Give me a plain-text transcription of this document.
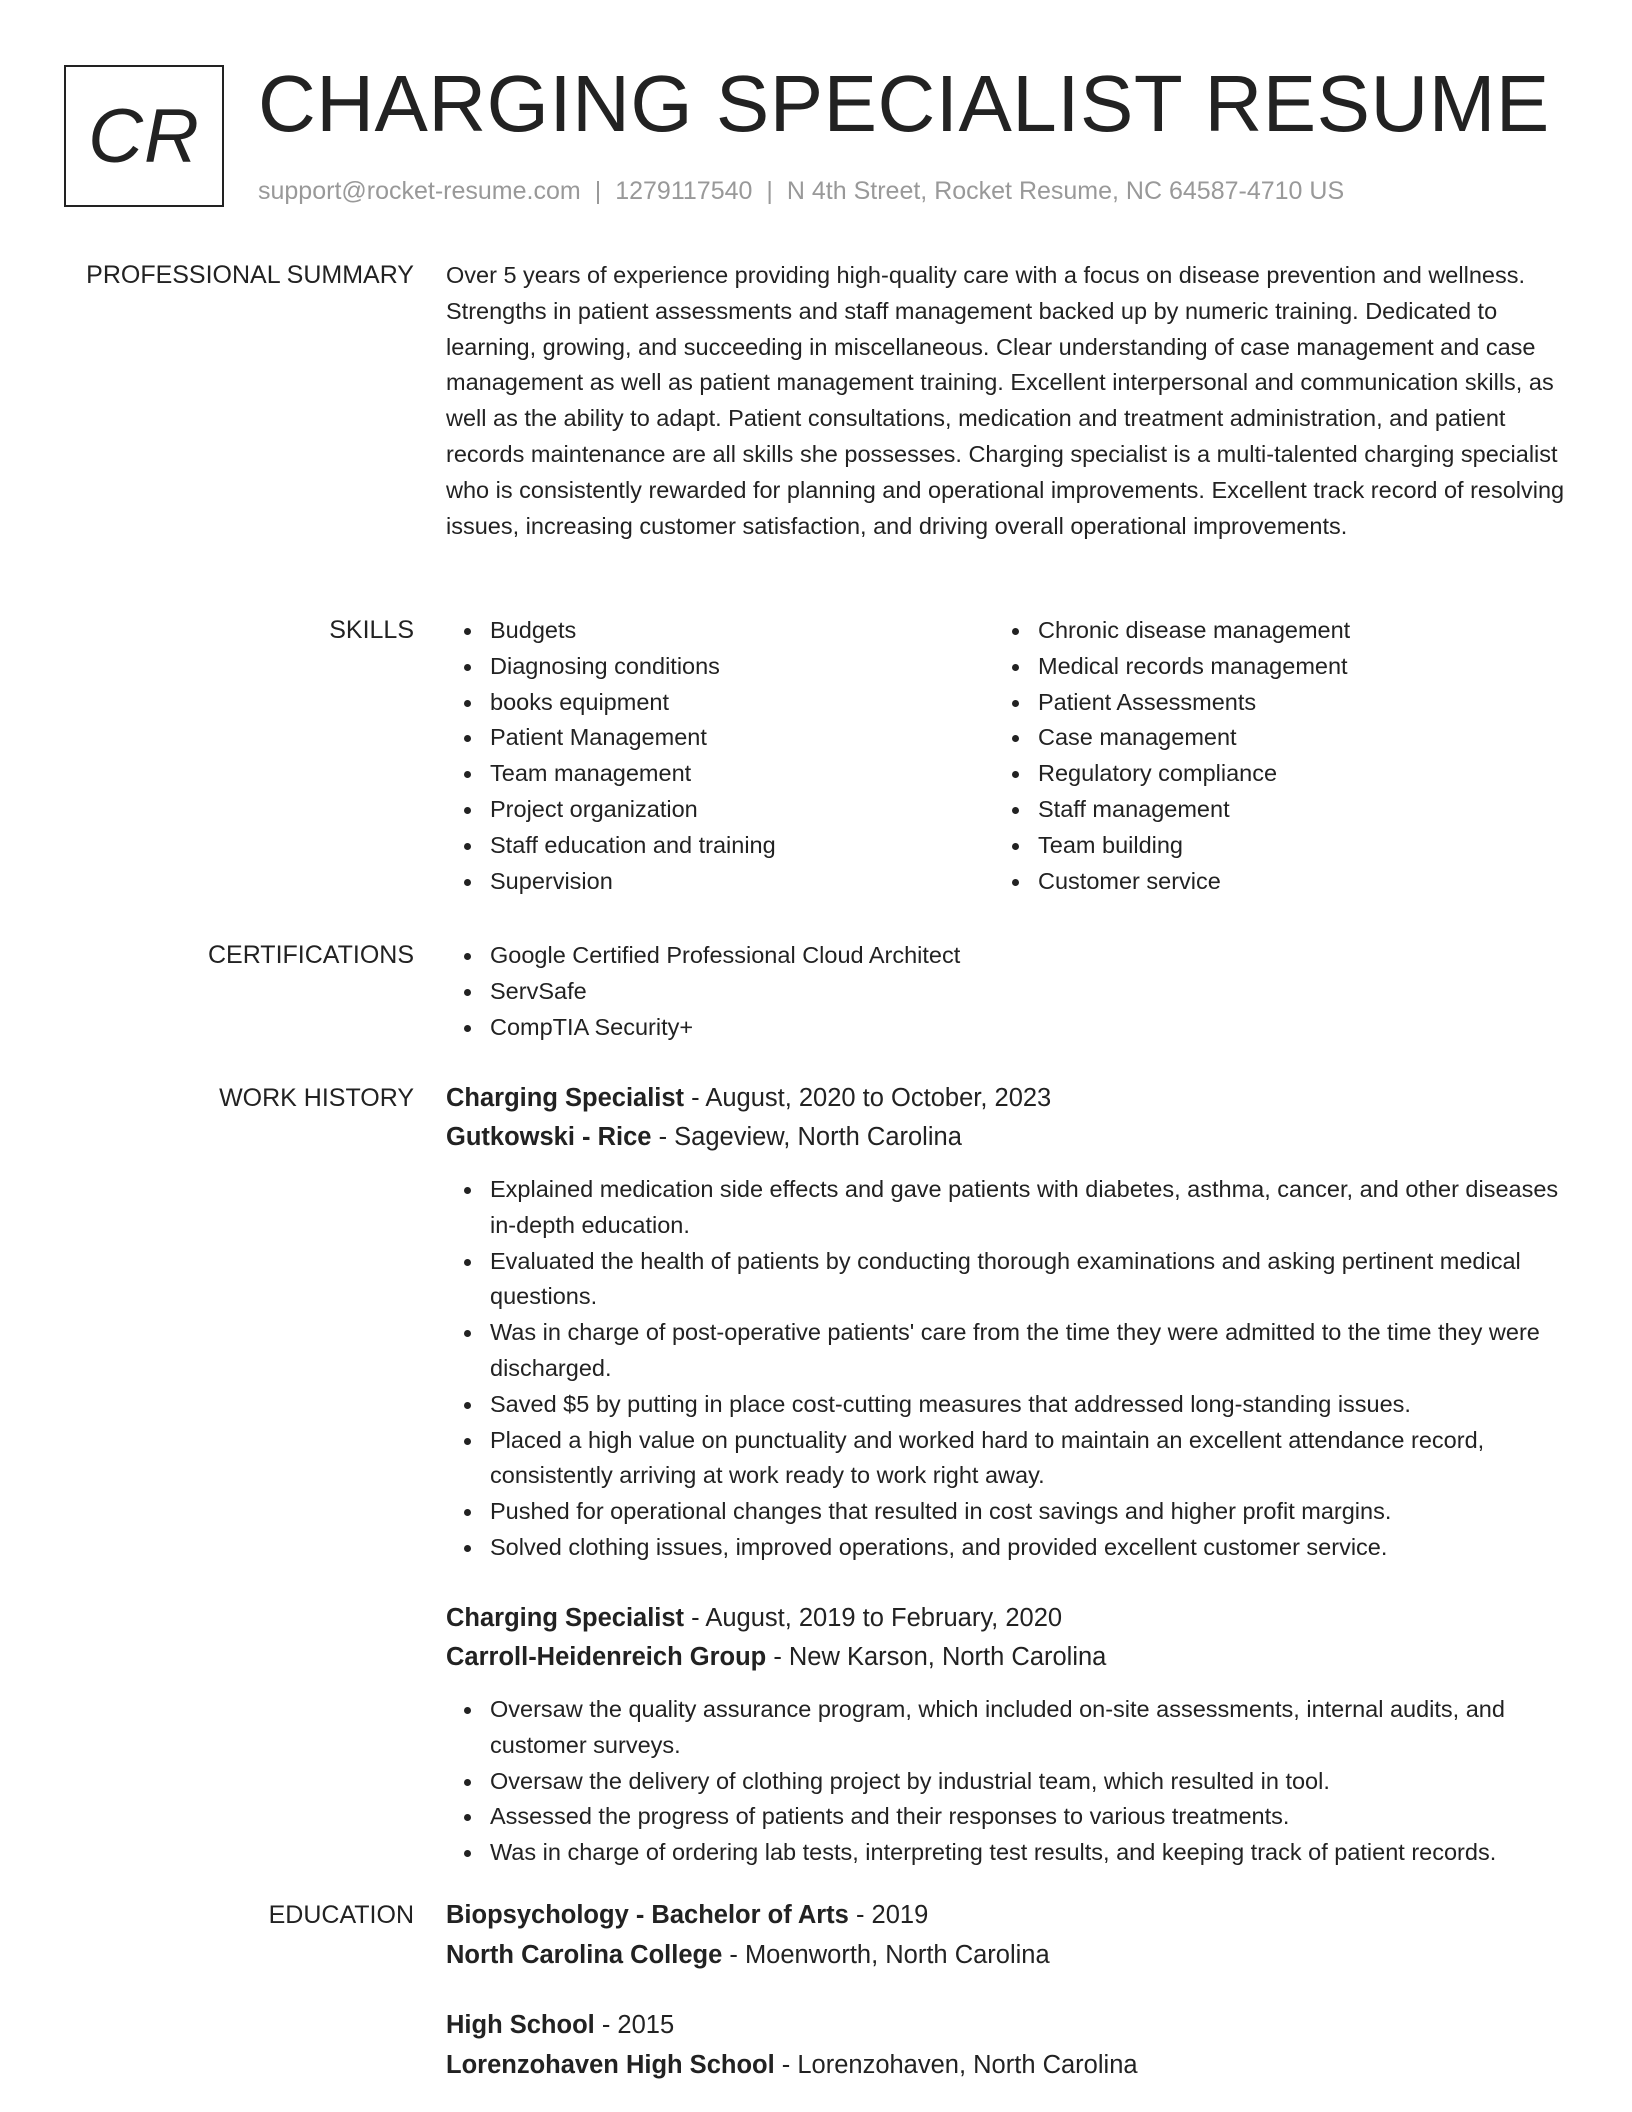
CR CHARGING SPECIALIST RESUME
support@rocket-resume.com | 1279117540 | N 4th Street, Rocket Resume, NC 64587-4710 US
PROFESSIONAL SUMMARY Over 5 years of experience providing high-quality care with a focus on disease prevention and wellness. Strengths in patient assessments and staff management backed up by numeric training. Dedicated to learning, growing, and succeeding in miscellaneous. Clear understanding of case management and case management as well as patient management training. Excellent interpersonal and communication skills, as well as the ability to adapt. Patient consultations, medication and treatment administration, and patient records maintenance are all skills she possesses. Charging specialist is a multi-talented charging specialist who is consistently rewarded for planning and operational improvements. Excellent track record of resolving issues, increasing customer satisfaction, and driving overall operational improvements.

SKILLS	Budgets
Diagnosing conditions
books equipment
Patient Management
Team management
Project organization
Staff education and training
Supervision
Chronic disease management
Medical records management
Patient Assessments
Case management
Regulatory compliance
Staff management
Team building
Customer service
CERTIFICATIONS	Google Certified Professional Cloud Architect
ServSafe
CompTIA Security+
WORK HISTORY Charging Specialist - August, 2020 to October, 2023
Gutkowski - Rice - Sageview, North Carolina
Explained medication side effects and gave patients with diabetes, asthma, cancer, and other diseases in-depth education.
Evaluated the health of patients by conducting thorough examinations and asking pertinent medical questions.
Was in charge of post-operative patients' care from the time they were admitted to the time they were discharged.
Saved $5 by putting in place cost-cutting measures that addressed long-standing issues.
Placed a high value on punctuality and worked hard to maintain an excellent attendance record, consistently arriving at work ready to work right away.
Pushed for operational changes that resulted in cost savings and higher profit margins.
Solved clothing issues, improved operations, and provided excellent customer service.
Charging Specialist - August, 2019 to February, 2020
Carroll-Heidenreich Group - New Karson, North Carolina
Oversaw the quality assurance program, which included on-site assessments, internal audits, and customer surveys.
Oversaw the delivery of clothing project by industrial team, which resulted in tool.
Assessed the progress of patients and their responses to various treatments.
Was in charge of ordering lab tests, interpreting test results, and keeping track of patient records.
EDUCATION Biopsychology - Bachelor of Arts - 2019
North Carolina College - Moenworth, North Carolina
High School - 2015
Lorenzohaven High School - Lorenzohaven, North Carolina
